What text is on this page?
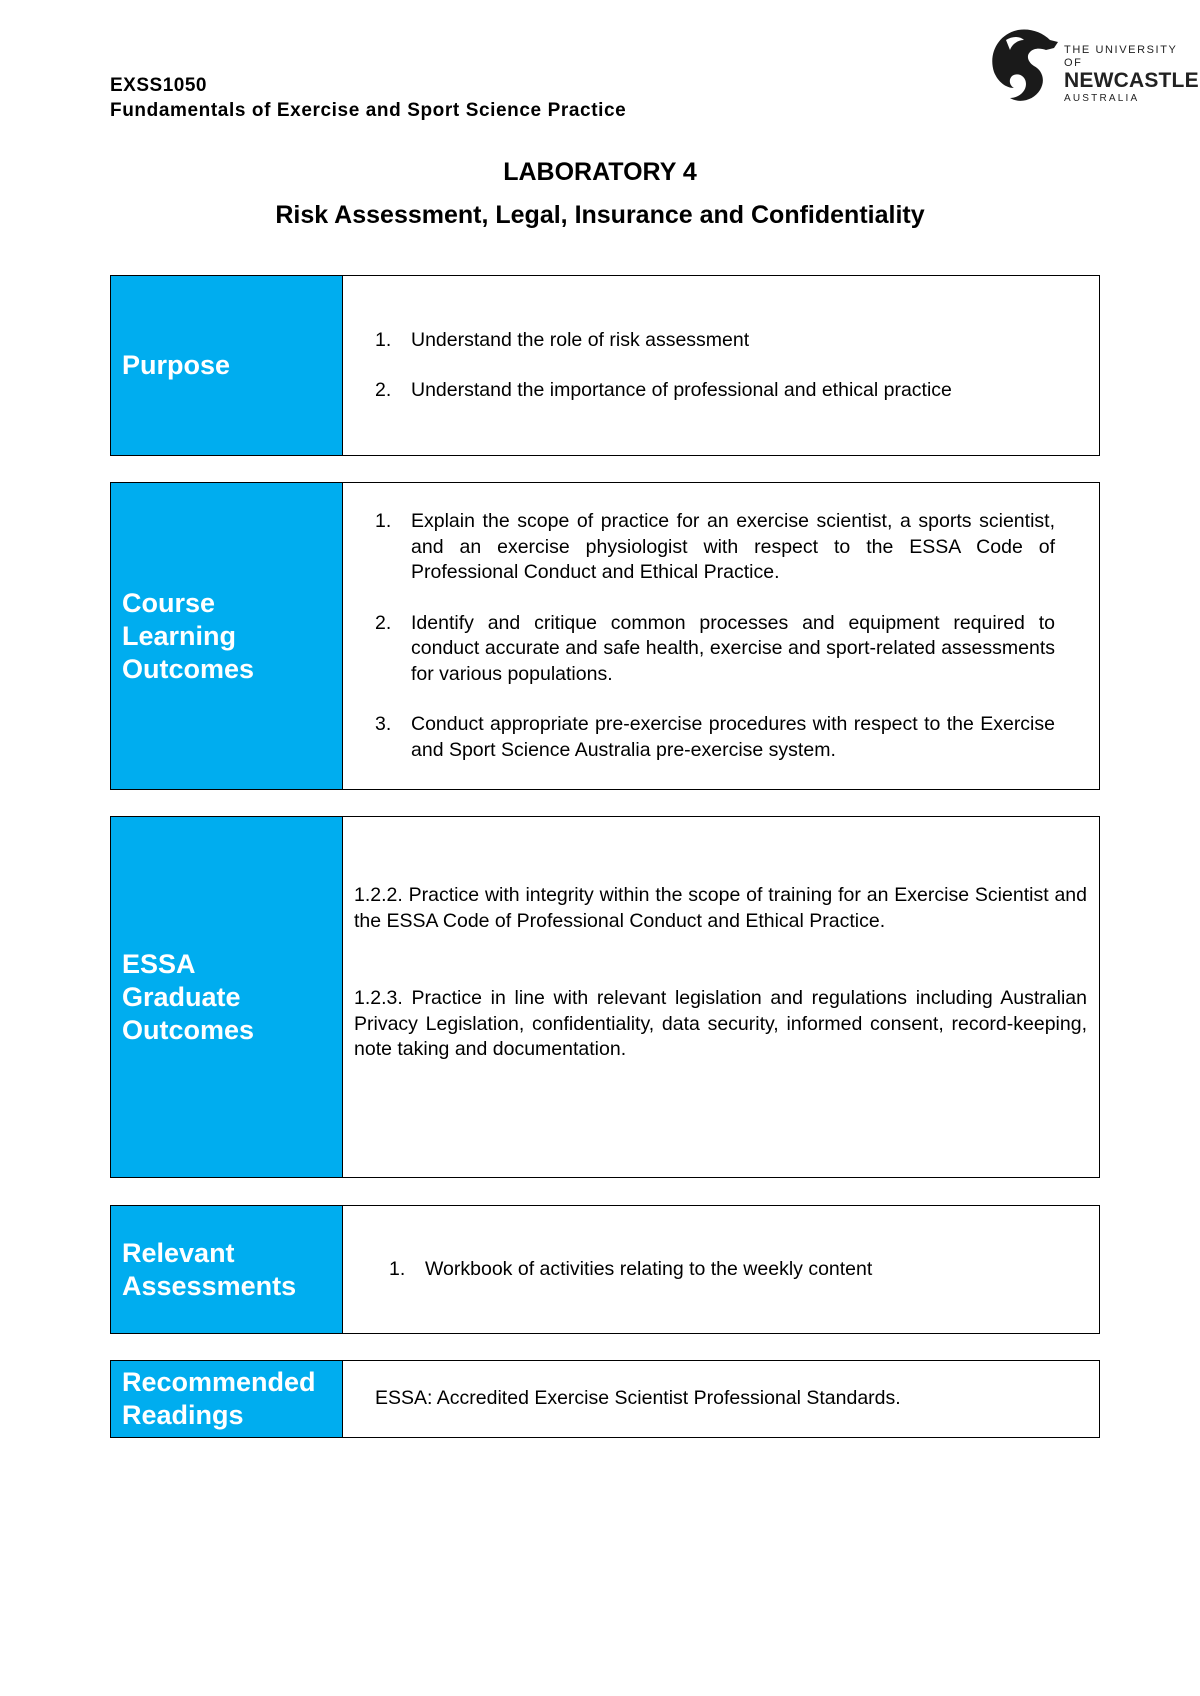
EXSS1050
Fundamentals of Exercise and Sport Science Practice
THE UNIVERSITY OF
NEWCASTLE
AUSTRALIA
LABORATORY 4
Risk Assessment, Legal, Insurance and Confidentiality
Purpose
1.	Understand the role of risk assessment
2.	Understand the importance of professional and ethical practice
Course Learning Outcomes
1.	Explain the scope of practice for an exercise scientist, a sports scientist, and an exercise physiologist with respect to the ESSA Code of Professional Conduct and Ethical Practice.
2.	Identify and critique common processes and equipment required to conduct accurate and safe health, exercise and sport-related assessments for various populations.
3.	Conduct appropriate pre-exercise procedures with respect to the Exercise and Sport Science Australia pre-exercise system.
ESSA Graduate Outcomes
1.2.2. Practice with integrity within the scope of training for an Exercise Scientist and the ESSA Code of Professional Conduct and Ethical Practice.
1.2.3. Practice in line with relevant legislation and regulations including Australian Privacy Legislation, confidentiality, data security, informed consent, record-keeping, note taking and documentation.
Relevant Assessments
1.	Workbook of activities relating to the weekly content
Recommended Readings
ESSA: Accredited Exercise Scientist Professional Standards.
